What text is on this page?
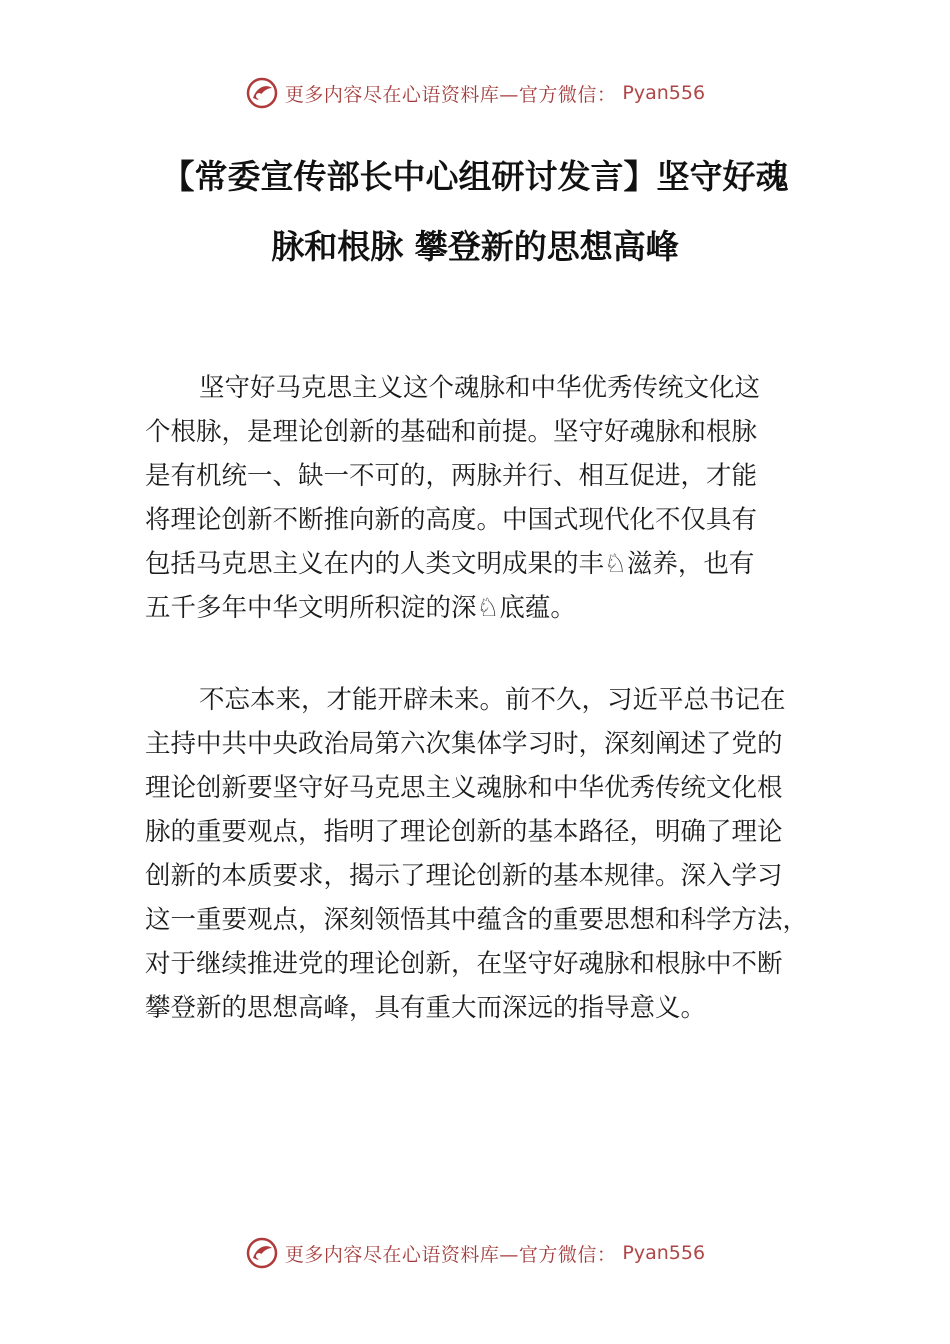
更多内容尽在心语资料库—官方微信： Pyan556
【常委宣传部长中心组研讨发言】坚守好魂
脉和根脉 攀登新的思想高峰
坚守好马克思主义这个魂脉和中华优秀传统文化这
个根脉，是理论创新的基础和前提。坚守好魂脉和根脉
是有机统一、缺一不可的，两脉并行、相互促进，才能
将理论创新不断推向新的高度。中国式现代化不仅具有
包括马克思主义在内的人类文明成果的丰♘滋养，也有
五千多年中华文明所积淀的深♘底蕴。
不忘本来，才能开辟未来。前不久，习近平总书记在
主持中共中央政治局第六次集体学习时，深刻阐述了党的
理论创新要坚守好马克思主义魂脉和中华优秀传统文化根
脉的重要观点，指明了理论创新的基本路径，明确了理论
创新的本质要求，揭示了理论创新的基本规律。深入学习
这一重要观点，深刻领悟其中蕴含的重要思想和科学方法，
对于继续推进党的理论创新，在坚守好魂脉和根脉中不断
攀登新的思想高峰，具有重大而深远的指导意义。
更多内容尽在心语资料库—官方微信： Pyan556
